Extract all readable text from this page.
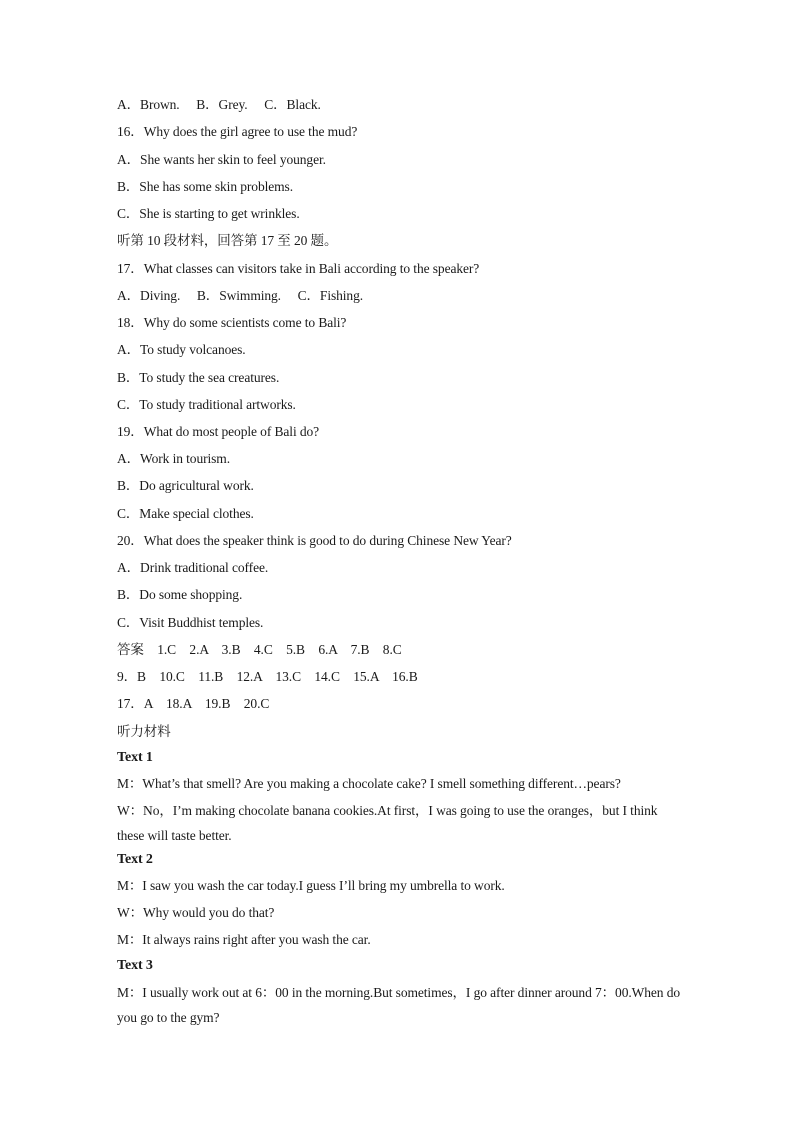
A．Brown.　 B．Grey.　 C．Black.
16．Why does the girl agree to use the mud?
A．She wants her skin to feel younger.
B．She has some skin problems.
C．She is starting to get wrinkles.
听第 10 段材料，回答第 17 至 20 题。
17．What classes can visitors take in Bali according to the speaker?
A．Diving.　 B．Swimming.　 C．Fishing.
18．Why do some scientists come to Bali?
A．To study volcanoes.
B．To study the sea creatures.
C．To study traditional artworks.
19．What do most people of Bali do?
A．Work in tourism.
B．Do agricultural work.
C．Make special clothes.
20．What does the speaker think is good to do during Chinese New Year?
A．Drink traditional coffee.
B．Do some shopping.
C．Visit Buddhist temples.
答案　1.C　2.A　3.B　4.C　5.B　6.A　7.B　8.C
9．B　10.C　11.B　12.A　13.C　14.C　15.A　16.B
17．A　18.A　19.B　20.C
听力材料
Text 1
M：What’s that smell? Are you making a chocolate cake? I smell something different…pears?
W：No，I’m making chocolate banana cookies.At first，I was going to use the oranges，but I think these will taste better.
Text 2
M：I saw you wash the car today.I guess I’ll bring my umbrella to work.
W：Why would you do that?
M：It always rains right after you wash the car.
Text 3
M：I usually work out at 6：00 in the morning.But sometimes，I go after dinner around 7：00.When do you go to the gym?
